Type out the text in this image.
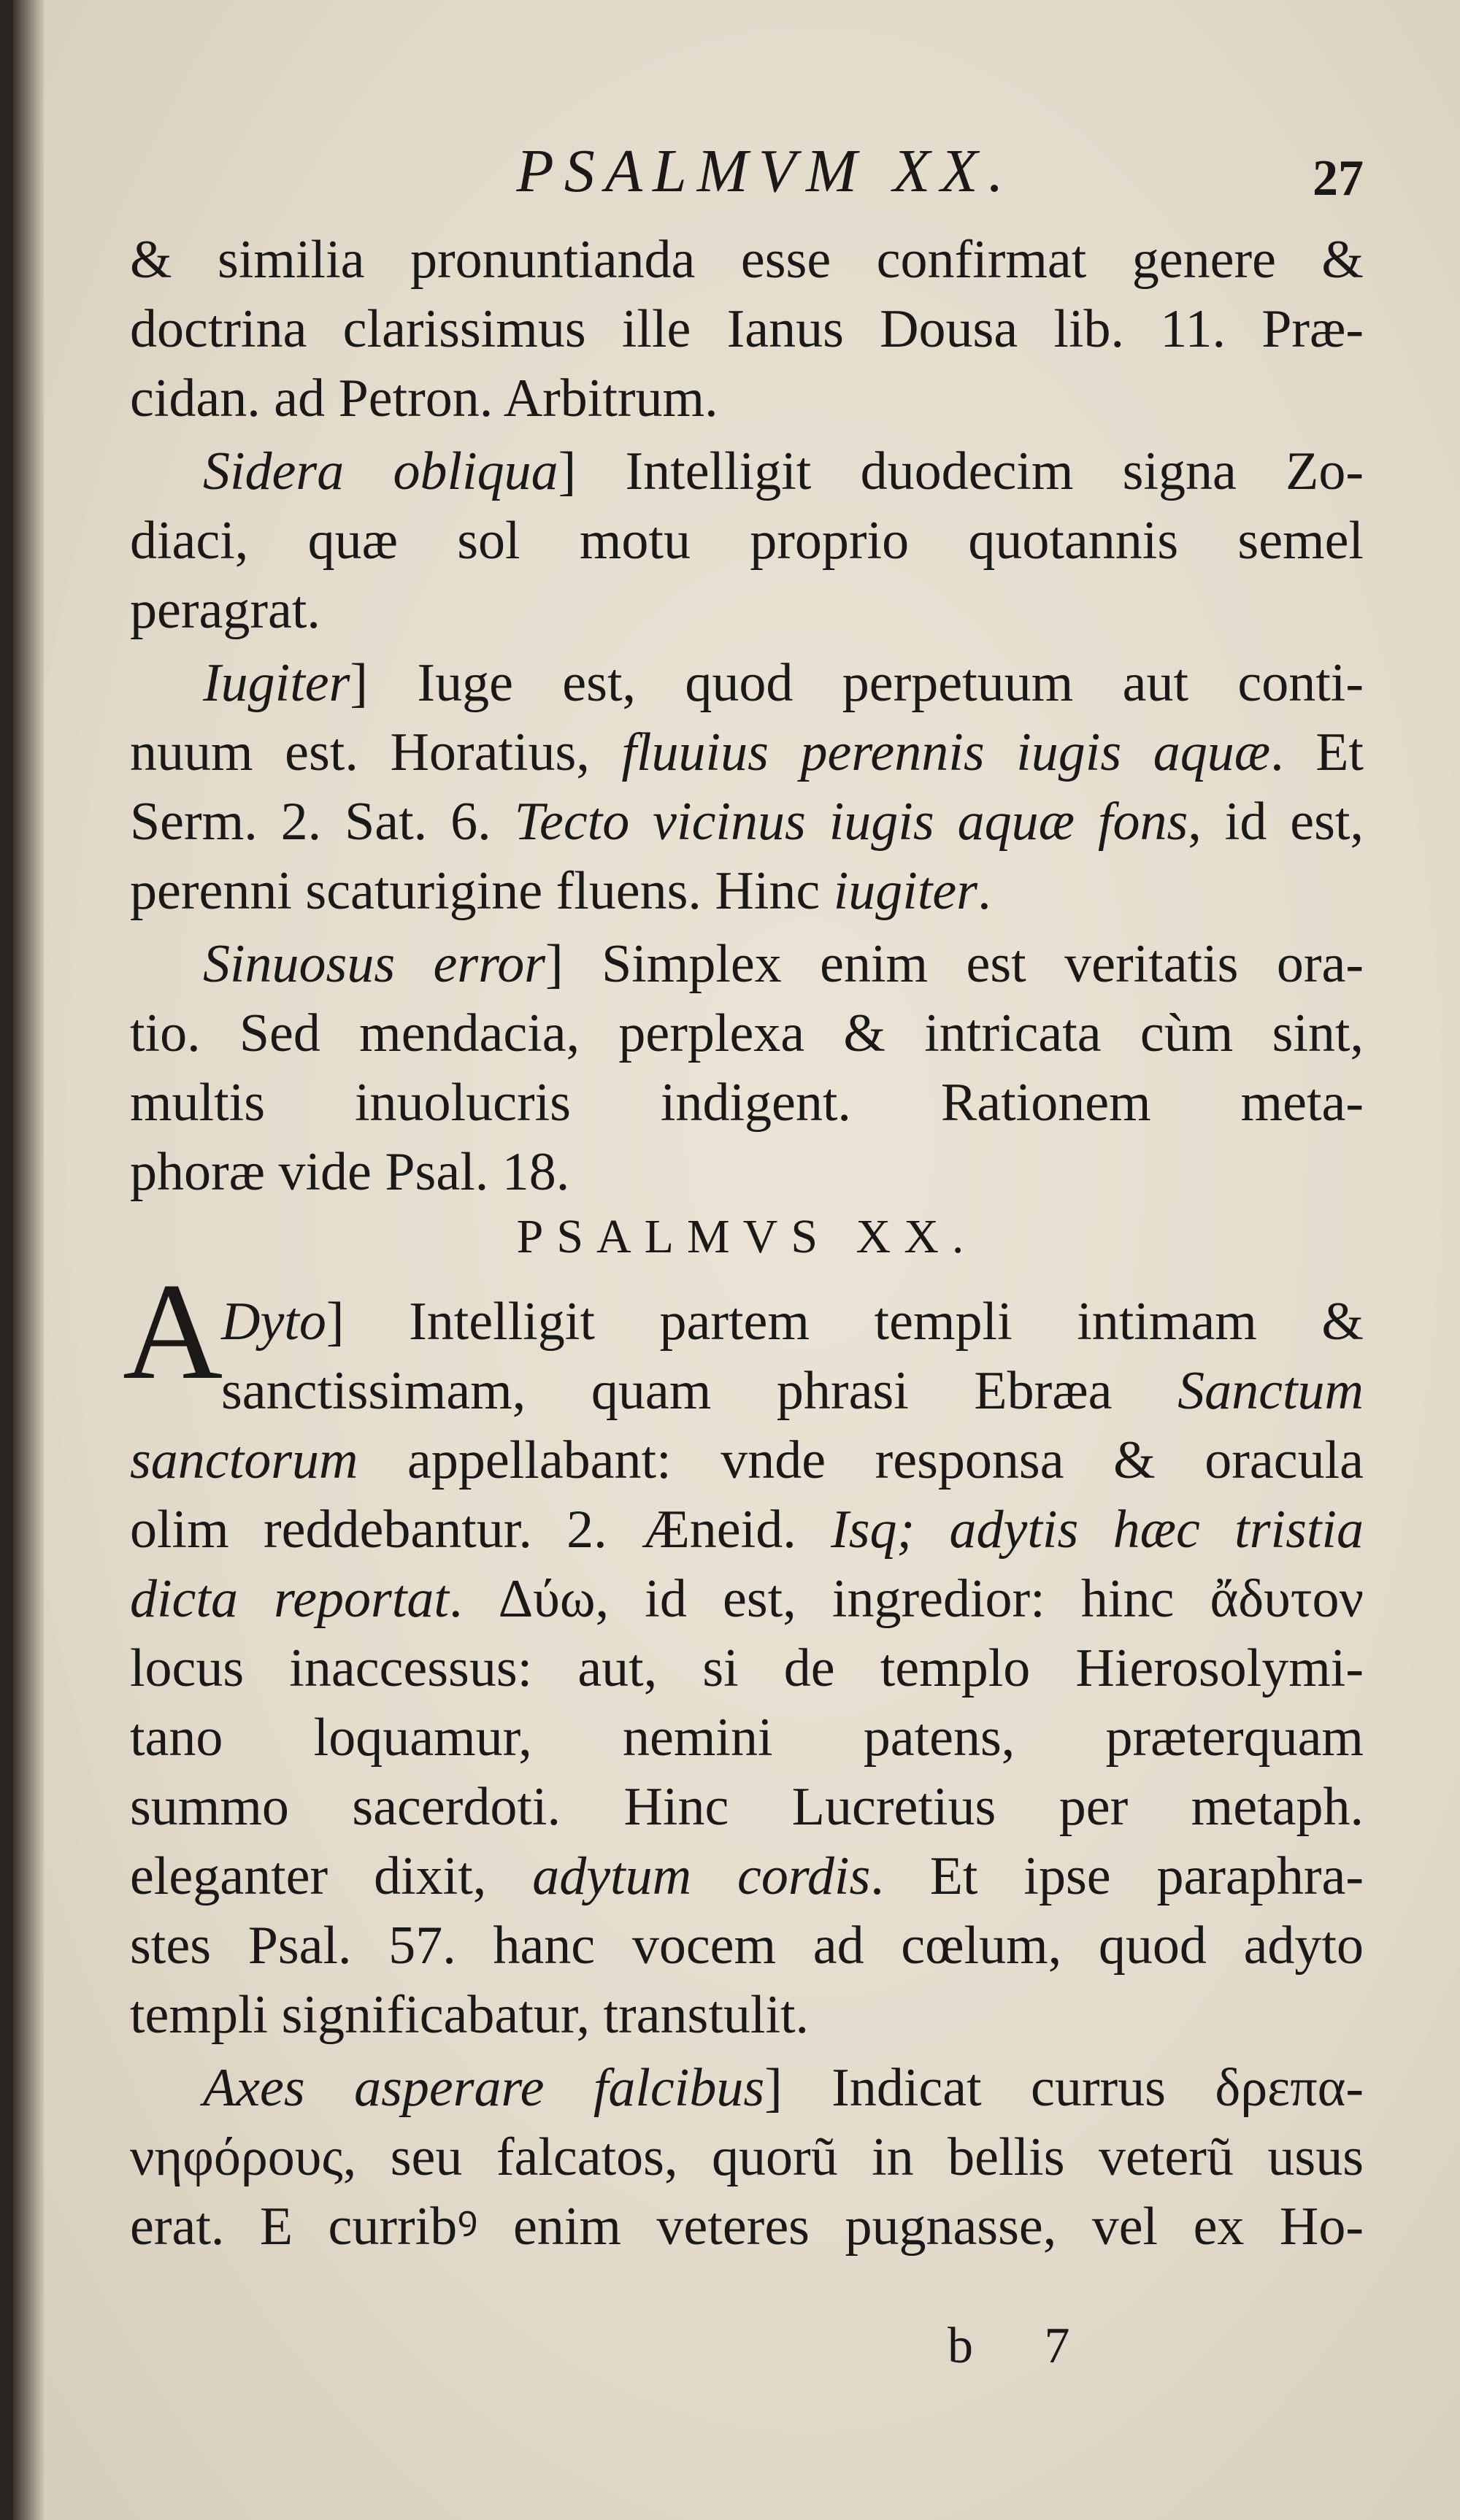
PSALMVM XX.	27
& similia pronuntianda esse confirmat genere &
doctrina clarissimus ille Ianus Dousa lib. 11. Præ-
cidan. ad Petron. Arbitrum.
Sidera obliqua] Intelligit duodecim signa Zo-
diaci, quæ sol motu proprio quotannis semel
peragrat.
Iugiter] Iuge est, quod perpetuum aut conti-
nuum est. Horatius, fluuius perennis iugis aquæ. Et
Serm. 2. Sat. 6. Tecto vicinus iugis aquæ fons, id est,
perenni scaturigine fluens. Hinc iugiter.
Sinuosus error] Simplex enim est veritatis ora-
tio. Sed mendacia, perplexa & intricata cùm sint,
multis inuolucris indigent. Rationem meta-
phoræ vide Psal. 18.
Dyto] Intelligit partem templi intimam &
sanctissimam, quam phrasi Ebræa Sanctum
sanctorum appellabant: vnde responsa & oracula
olim reddebantur. 2. Æneid. Isq; adytis hæc tristia
dicta reportat. Δύω, id est, ingredior: hinc ἄδυτον
locus inaccessus: aut, si de templo Hierosolymi-
tano loquamur, nemini patens, præterquam
summo sacerdoti. Hinc Lucretius per metaph.
eleganter dixit, adytum cordis. Et ipse paraphra-
stes Psal. 57. hanc vocem ad cœlum, quod adyto
templi significabatur, transtulit.
Axes asperare falcibus] Indicat currus δρεπα-
νηφόρους, seu falcatos, quorũ in bellis veterũ usus
erat. E curribꝰ enim veteres pugnasse, vel ex Ho-
PSALMVS XX.
A
b 7
